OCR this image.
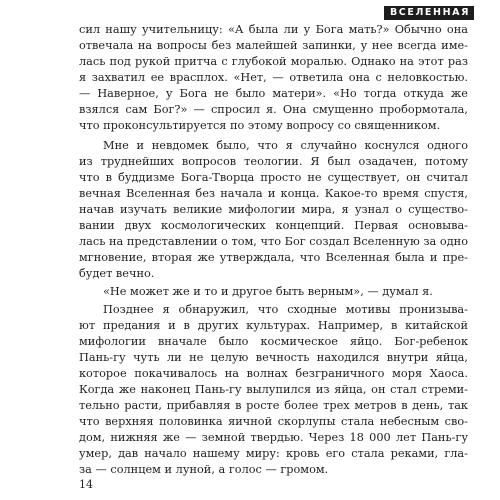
ВСЕЛЕННАЯ
сил нашу учительницу: «А была ли у Бога мать?» Обычно она
отвечала на вопросы без малейшей запинки, у нее всегда име-
лась под рукой притча с глубокой моралью. Однако на этот раз
я захватил ее врасплох. «Нет, — ответила она с неловкостью.
— Наверное, у Бога не было матери». «Но тогда откуда же
взялся сам Бог?» — спросил я. Она смущенно пробормотала,
что проконсультируется по этому вопросу со священником.
Мне и невдомек было, что я случайно коснулся одного
из труднейших вопросов теологии. Я был озадачен, потому
что в буддизме Бога-Творца просто не существует, он считал
вечная Вселенная без начала и конца. Какое-то время спустя,
начав изучать великие мифологии мира, я узнал о существо-
вании двух космологических концепций. Первая основыва-
лась на представлении о том, что Бог создал Вселенную за одно
мгновение, вторая же утверждала, что Вселенная была и пре-
будет вечно.
«Не может же и то и другое быть верным», — думал я.
Позднее я обнаружил, что сходные мотивы пронизыва-
ют предания и в других культурах. Например, в китайской
мифологии вначале было космическое яйцо. Бог-ребенок
Пань-гу чуть ли не целую вечность находился внутри яйца,
которое покачивалось на волнах безграничного моря Хаоса.
Когда же наконец Пань-гу вылупился из яйца, он стал стреми-
тельно расти, прибавляя в росте более трех метров в день, так
что верхняя половинка яичной скорлупы стала небесным сво-
дом, нижняя же — земной твердью. Через 18 000 лет Пань-гу
умер, дав начало нашему миру: кровь его стала реками, гла-
за — солнцем и луной, а голос — громом.
14
